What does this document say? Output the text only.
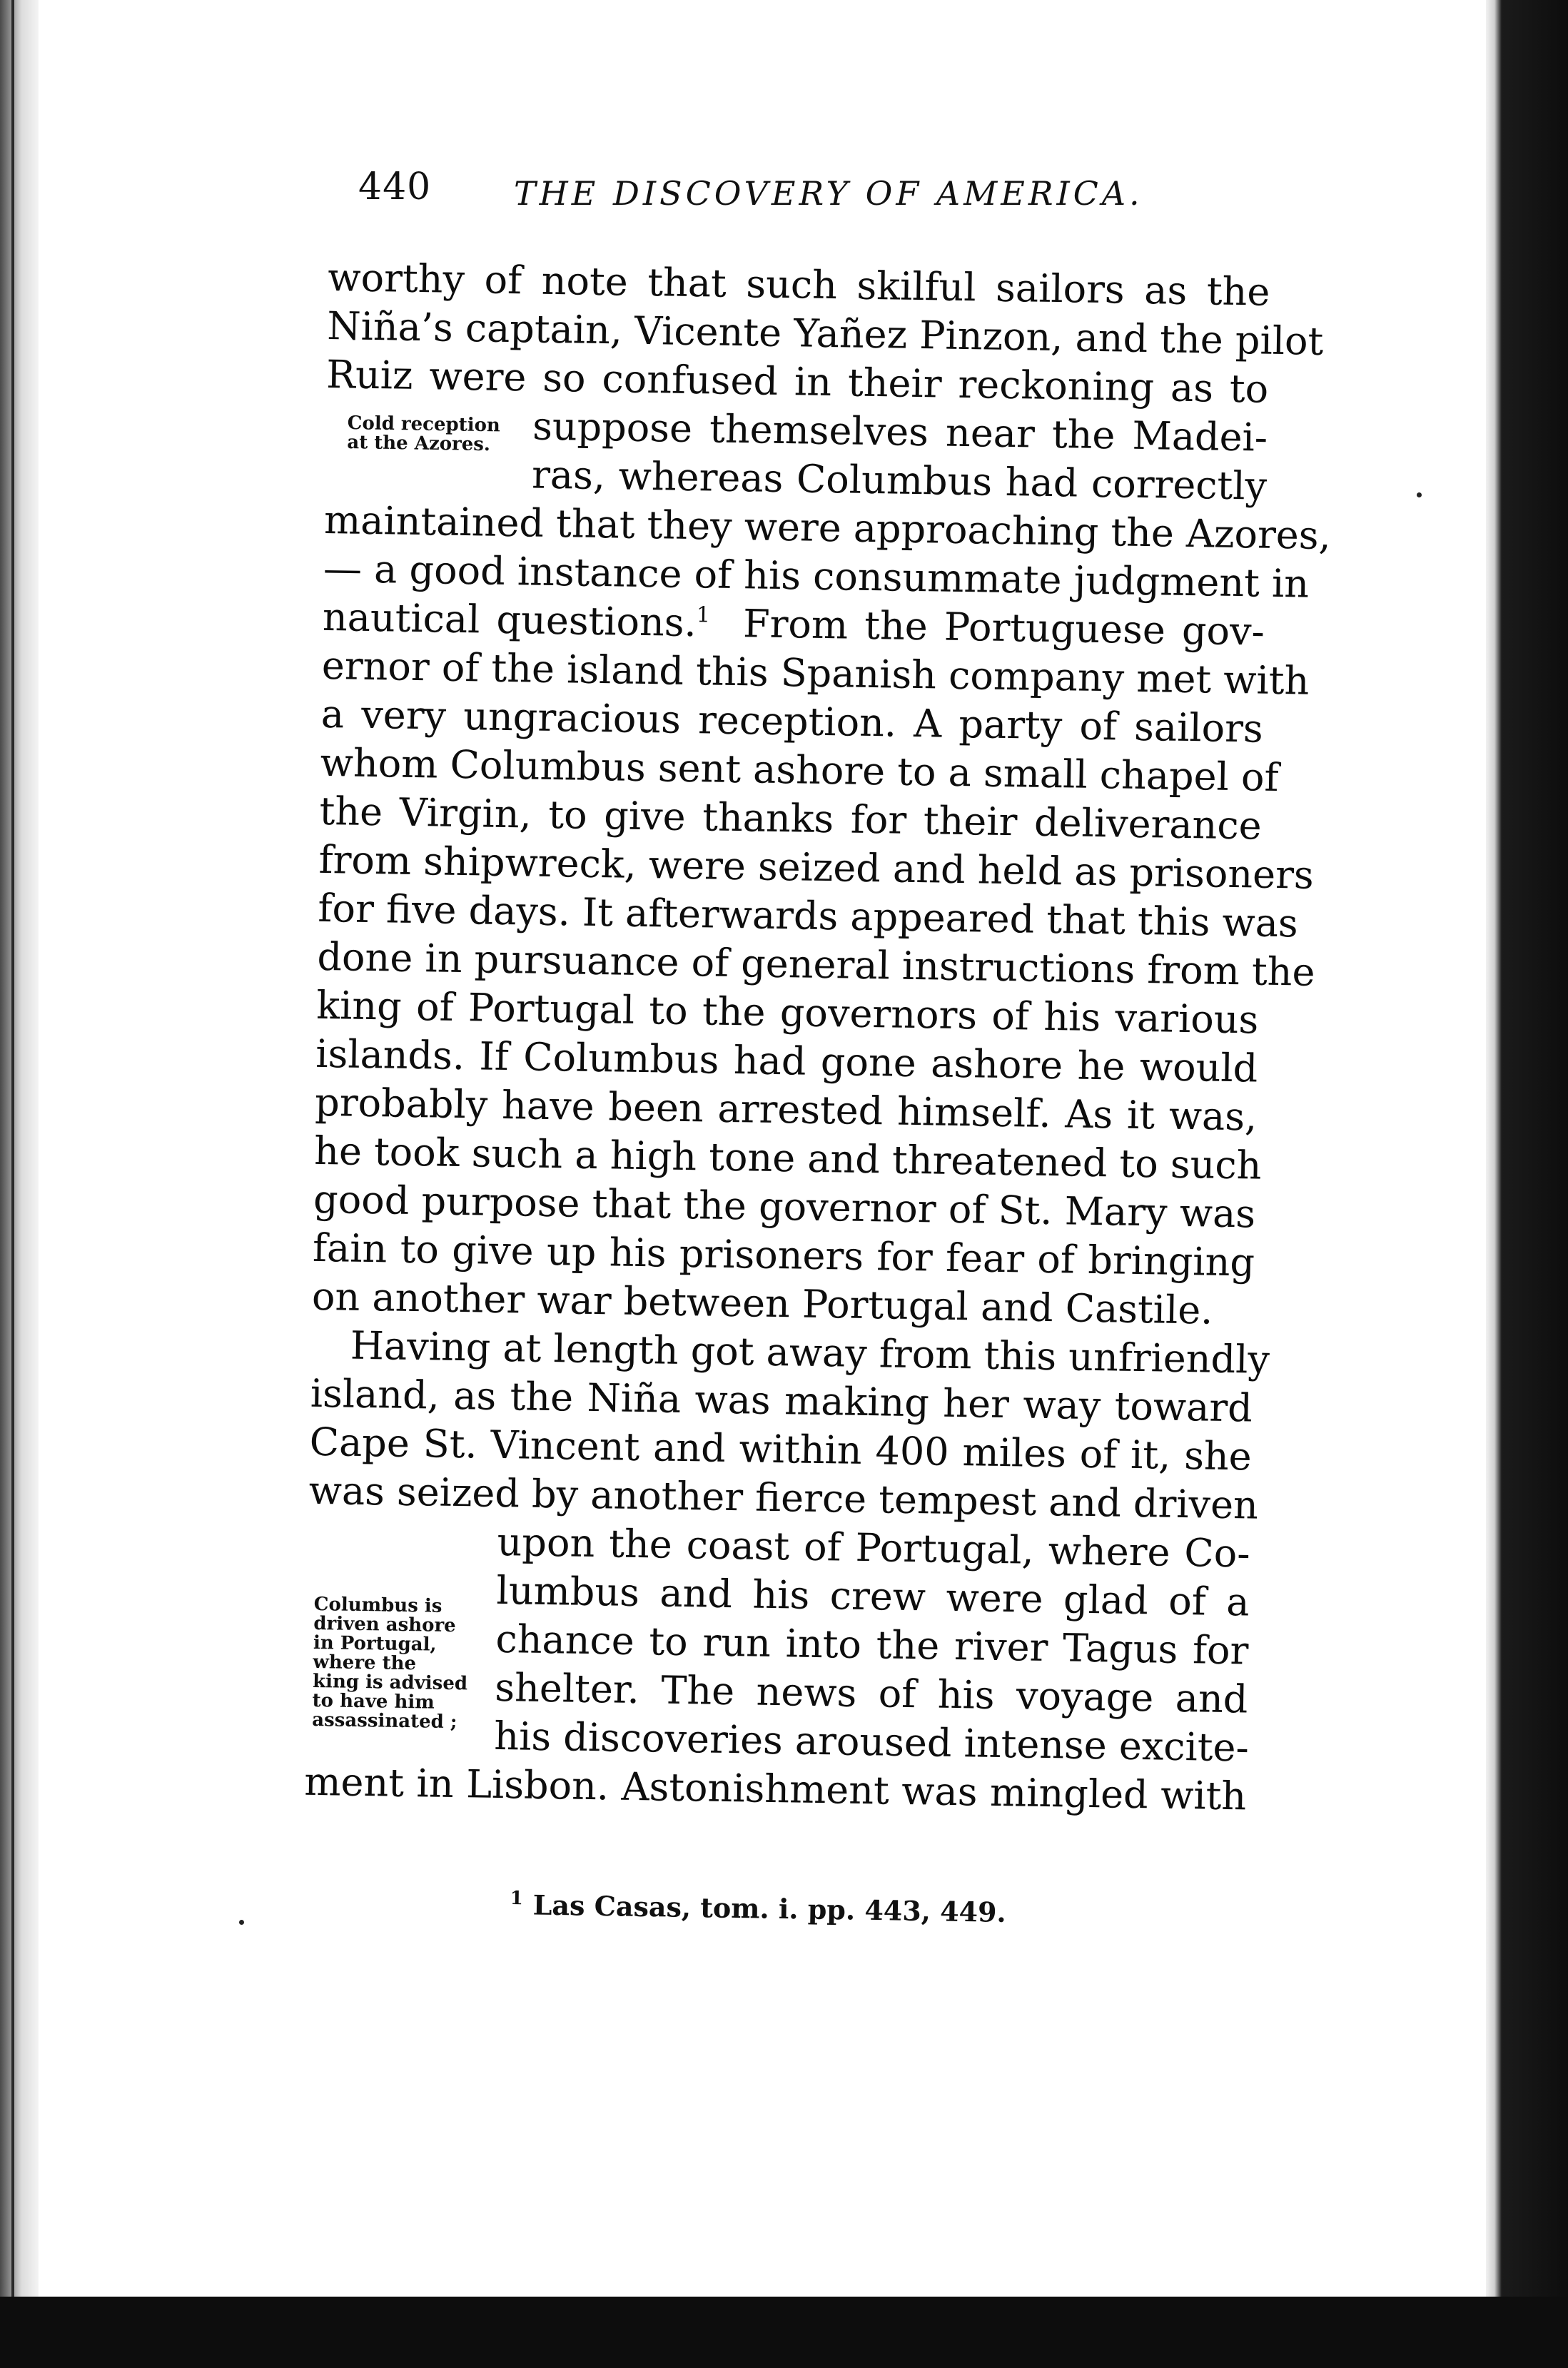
440	THE DISCOVERY OF AMERICA.
Cold reception
at the Azores.
Columbus is
driven ashore
in Portugal,
where the
king is advised
to have him
assassinated ;

worthy of note that such skilful sailors as the
Niña’s captain, Vicente Yañez Pinzon, and the pilot
Ruiz were so confused in their reckoning as to
suppose themselves near the Madei-
ras, whereas Columbus had correctly
maintained that they were approaching the Azores,
— a good instance of his consummate judgment in
nautical questions.$^1$ From the Portuguese gov-
ernor of the island this Spanish company met with
a very ungracious reception. A party of sailors
whom Columbus sent ashore to a small chapel of
the Virgin, to give thanks for their deliverance
from shipwreck, were seized and held as prisoners
for five days. It afterwards appeared that this was
done in pursuance of general instructions from the
king of Portugal to the governors of his various
islands. If Columbus had gone ashore he would
probably have been arrested himself. As it was,
he took such a high tone and threatened to such
good purpose that the governor of St. Mary was
fain to give up his prisoners for fear of bringing
on another war between Portugal and Castile.

Having at length got away from this unfriendly
island, as the Niña was making her way toward
Cape St. Vincent and within 400 miles of it, she
was seized by another fierce tempest and driven
upon the coast of Portugal, where Co-
lumbus and his crew were glad of a
chance to run into the river Tagus for
shelter. The news of his voyage and
his discoveries aroused intense excite-
ment in Lisbon. Astonishment was mingled with

$^1$ Las Casas, tom. i. pp. 443, 449.
